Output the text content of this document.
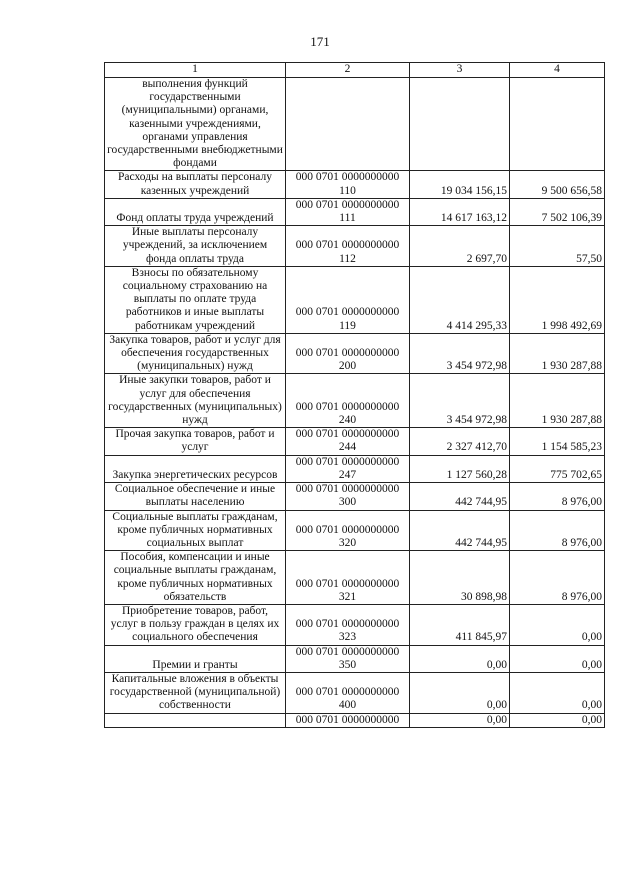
171
1	2	3	4
выполнения функций государственными (муниципальными) органами, казенными учреждениями, органами управления государственными внебюджетными фондами			
Расходы на выплаты персоналу казенных учреждений	000 0701 0000000000 110	19 034 156,15	9 500 656,58
Фонд оплаты труда учреждений	000 0701 0000000000 111	14 617 163,12	7 502 106,39
Иные выплаты персоналу учреждений, за исключением фонда оплаты труда	000 0701 0000000000 112	2 697,70	57,50
Взносы по обязательному социальному страхованию на выплаты по оплате труда работников и иные выплаты работникам учреждений	000 0701 0000000000 119	4 414 295,33	1 998 492,69
Закупка товаров, работ и услуг для обеспечения государственных (муниципальных) нужд	000 0701 0000000000 200	3 454 972,98	1 930 287,88
Иные закупки товаров, работ и услуг для обеспечения государственных (муниципальных) нужд	000 0701 0000000000 240	3 454 972,98	1 930 287,88
Прочая закупка товаров, работ и услуг	000 0701 0000000000 244	2 327 412,70	1 154 585,23
Закупка энергетических ресурсов	000 0701 0000000000 247	1 127 560,28	775 702,65
Социальное обеспечение и иные выплаты населению	000 0701 0000000000 300	442 744,95	8 976,00
Социальные выплаты гражданам, кроме публичных нормативных социальных выплат	000 0701 0000000000 320	442 744,95	8 976,00
Пособия, компенсации и иные социальные выплаты гражданам, кроме публичных нормативных обязательств	000 0701 0000000000 321	30 898,98	8 976,00
Приобретение товаров, работ, услуг в пользу граждан в целях их социального обеспечения	000 0701 0000000000 323	411 845,97	0,00
Премии и гранты	000 0701 0000000000 350	0,00	0,00
Капитальные вложения в объекты государственной (муниципальной) собственности	000 0701 0000000000 400	0,00	0,00
	000 0701 0000000000	0,00	0,00
